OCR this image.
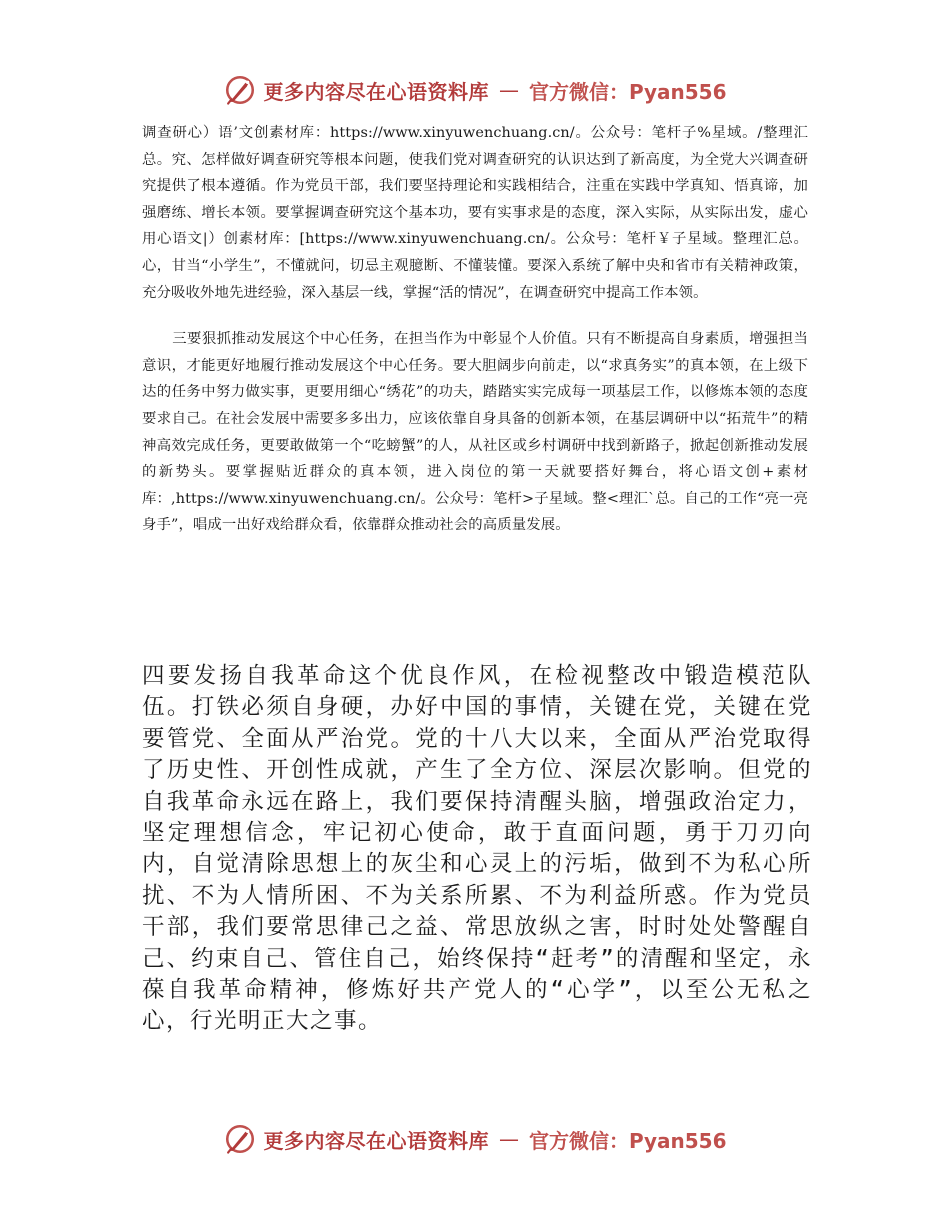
更多内容尽在心语资料库 — 官方微信：Pyan556

调查研心）语’文创素材库：https://www.xinyuwenchuang.cn/。公众号：笔杆子%星域。/整理汇总。究、怎样做好调查研究等根本问题，使我们党对调查研究的认识达到了新高度，为全党大兴调查研究提供了根本遵循。作为党员干部，我们要坚持理论和实践相结合，注重在实践中学真知、悟真谛，加强磨练、增长本领。要掌握调查研究这个基本功，要有实事求是的态度，深入实际，从实际出发，虚心用心语文|）创素材库：[https://www.xinyuwenchuang.cn/。公众号：笔杆￥子星域。整理汇总。心，甘当“小学生”，不懂就问，切忌主观臆断、不懂装懂。要深入系统了解中央和省市有关精神政策，充分吸收外地先进经验，深入基层一线，掌握“活的情况”，在调查研究中提高工作本领。

三要狠抓推动发展这个中心任务，在担当作为中彰显个人价值。只有不断提高自身素质，增强担当意识，才能更好地履行推动发展这个中心任务。要大胆阔步向前走，以“求真务实”的真本领，在上级下达的任务中努力做实事，更要用细心“绣花”的功夫，踏踏实实完成每一项基层工作，以修炼本领的态度要求自己。在社会发展中需要多多出力，应该依靠自身具备的创新本领，在基层调研中以“拓荒牛”的精神高效完成任务，更要敢做第一个“吃螃蟹”的人，从社区或乡村调研中找到新路子，掀起创新推动发展的新势头。要掌握贴近群众的真本领，进入岗位的第一天就要搭好舞台，将心语文创+素材库：,https://www.xinyuwenchuang.cn/。公众号：笔杆>子星域。整<理汇`总。自己的工作“亮一亮身手”，唱成一出好戏给群众看，依靠群众推动社会的高质量发展。

四要发扬自我革命这个优良作风，在检视整改中锻造模范队伍。打铁必须自身硬，办好中国的事情，关键在党，关键在党要管党、全面从严治党。党的十八大以来，全面从严治党取得了历史性、开创性成就，产生了全方位、深层次影响。但党的自我革命永远在路上，我们要保持清醒头脑，增强政治定力，坚定理想信念，牢记初心使命，敢于直面问题，勇于刀刃向内，自觉清除思想上的灰尘和心灵上的污垢，做到不为私心所扰、不为人情所困、不为关系所累、不为利益所惑。作为党员干部，我们要常思律己之益、常思放纵之害，时时处处警醒自己、约束自己、管住自己，始终保持“赶考”的清醒和坚定，永葆自我革命精神，修炼好共产党人的“心学”，以至公无私之心，行光明正大之事。

更多内容尽在心语资料库 — 官方微信：Pyan556
